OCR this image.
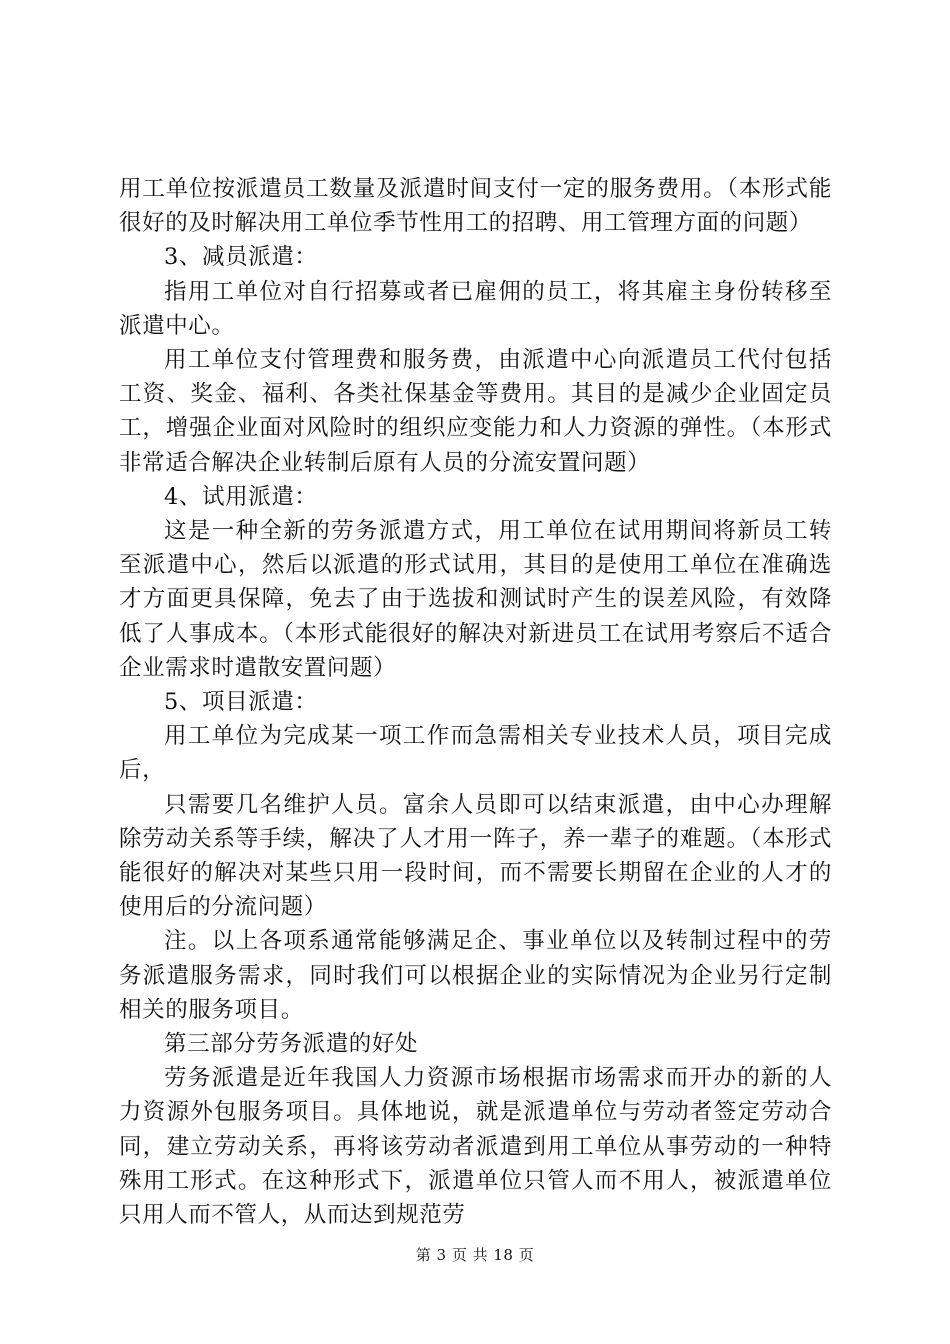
用工单位按派遣员工数量及派遣时间支付一定的服务费用。（本形式能很好的及时解决用工单位季节性用工的招聘、用工管理方面的问题）

3、减员派遣：

指用工单位对自行招募或者已雇佣的员工，将其雇主身份转移至派遣中心。

用工单位支付管理费和服务费，由派遣中心向派遣员工代付包括工资、奖金、福利、各类社保基金等费用。其目的是减少企业固定员工，增强企业面对风险时的组织应变能力和人力资源的弹性。（本形式非常适合解决企业转制后原有人员的分流安置问题）

4、试用派遣：

这是一种全新的劳务派遣方式，用工单位在试用期间将新员工转至派遣中心，然后以派遣的形式试用，其目的是使用工单位在准确选才方面更具保障，免去了由于选拔和测试时产生的误差风险，有效降低了人事成本。（本形式能很好的解决对新进员工在试用考察后不适合企业需求时遣散安置问题）

5、项目派遣：

用工单位为完成某一项工作而急需相关专业技术人员，项目完成后，

只需要几名维护人员。富余人员即可以结束派遣，由中心办理解除劳动关系等手续，解决了人才用一阵子，养一辈子的难题。（本形式能很好的解决对某些只用一段时间，而不需要长期留在企业的人才的使用后的分流问题）

注。以上各项系通常能够满足企、事业单位以及转制过程中的劳务派遣服务需求，同时我们可以根据企业的实际情况为企业另行定制相关的服务项目。

第三部分劳务派遣的好处

劳务派遣是近年我国人力资源市场根据市场需求而开办的新的人力资源外包服务项目。具体地说，就是派遣单位与劳动者签定劳动合同，建立劳动关系，再将该劳动者派遣到用工单位从事劳动的一种特殊用工形式。在这种形式下，派遣单位只管人而不用人，被派遣单位只用人而不管人，从而达到规范劳

第 3 页 共 18 页
